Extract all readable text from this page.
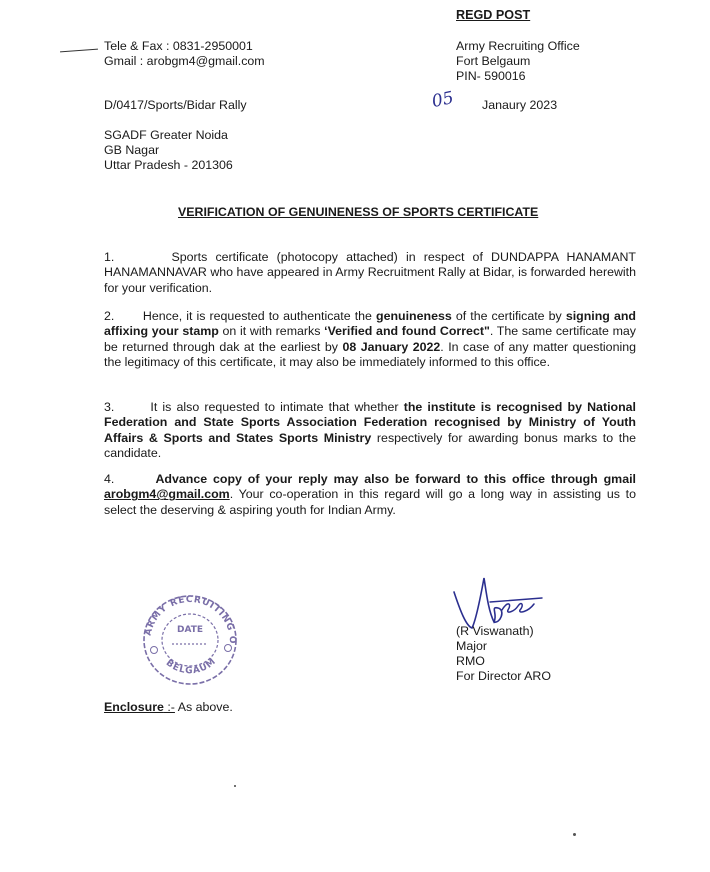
REGD POST
Tele & Fax : 0831-2950001
Gmail : arobgm4@gmail.com
Army Recruiting Office
Fort Belgaum
PIN- 590016
D/0417/Sports/Bidar Rally	05 Janaury 2023
SGADF Greater Noida
GB Nagar
Uttar Pradesh - 201306
VERIFICATION OF GENUINENESS OF SPORTS CERTIFICATE
1.	Sports certificate (photocopy attached) in respect of DUNDAPPA HANAMANT HANAMANNAVAR who have appeared in Army Recruitment Rally at Bidar, is forwarded herewith for your verification.
2. Hence, it is requested to authenticate the genuineness of the certificate by signing and affixing your stamp on it with remarks ‘Verified and found Correct". The same certificate may be returned through dak at the earliest by 08 January 2022. In case of any matter questioning the legitimacy of this certificate, it may also be immediately informed to this office.
3.	It is also requested to intimate that whether the institute is recognised by National Federation and State Sports Association Federation recognised by Ministry of Youth Affairs & Sports and States Sports Ministry respectively for awarding bonus marks to the candidate.
4.	Advance copy of your reply may also be forward to this office through gmail arobgm4@gmail.com. Your co-operation in this regard will go a long way in assisting us to select the deserving & aspiring youth for Indian Army.
ARMY RECRUITING OFFICE
DATE
BELGAUM
(R Viswanath)
Major
RMO
For Director ARO
Enclosure :- As above.
